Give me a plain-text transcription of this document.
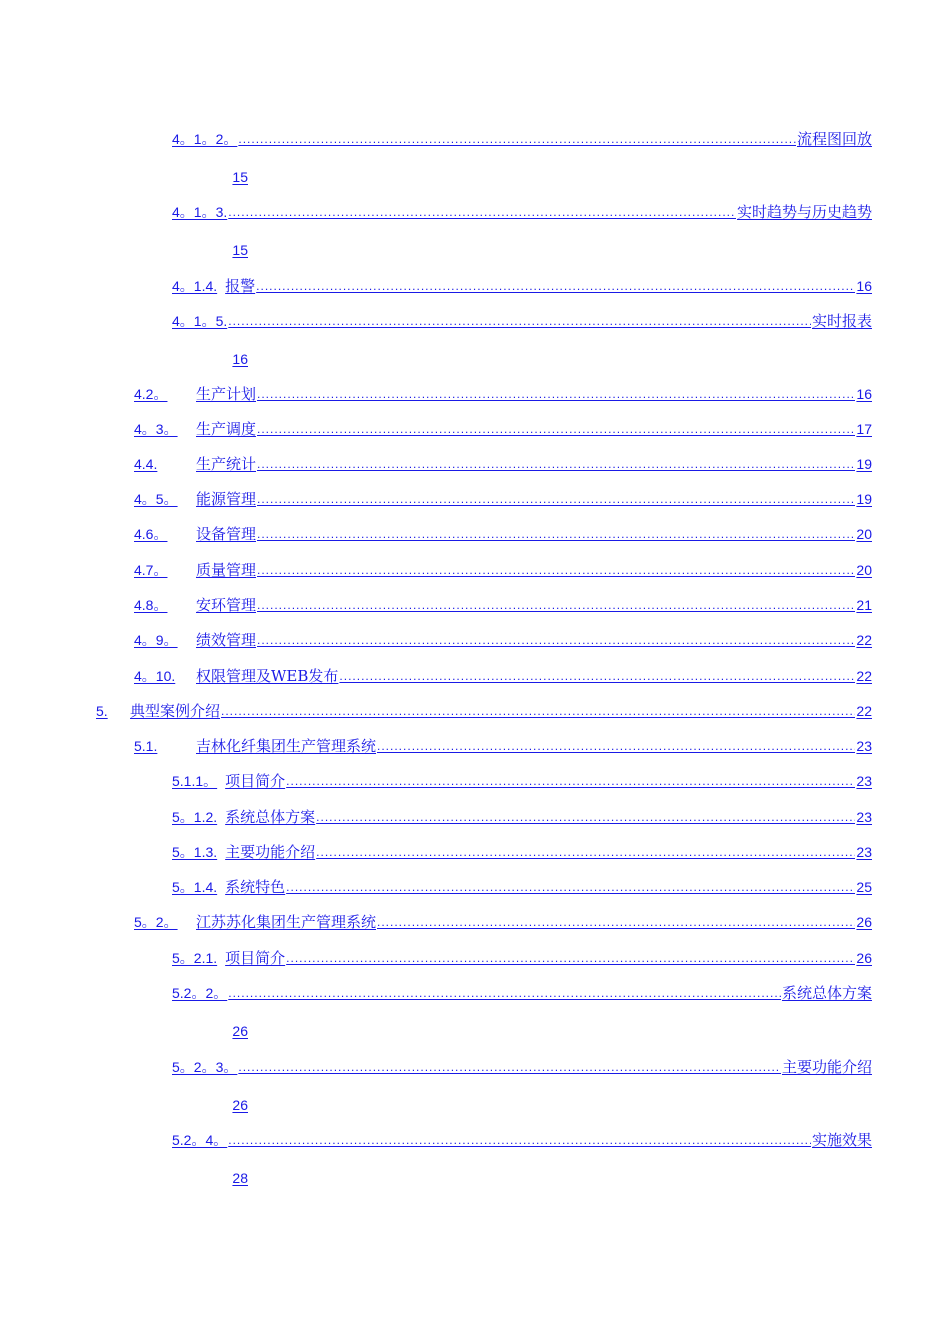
4。1。2。 .....	流程图回放
15
4。1。3. .....	实时趋势与历史趋势
15
4。1.4. 报警 .....	16
4。1。5. .....	实时报表
16
4.2。	生产计划 .....	16
4。3。	生产调度 .....	17
4.4.	生产统计 .....	19
4。5。	能源管理 .....	19
4.6。	设备管理 .....	20
4.7。	质量管理 .....	20
4.8。	安环管理 .....	21
4。9。	绩效管理 .....	22
4。10.	权限管理及WEB发布 .....	22
5.	典型案例介绍 .....	22
5.1.	吉林化纤集团生产管理系统 .....	23
5.1.1。 项目简介 .....	23
5。1.2. 系统总体方案 .....	23
5。1.3. 主要功能介绍 .....	23
5。1.4. 系统特色 .....	25
5。2。	江苏苏化集团生产管理系统 .....	26
5。2.1. 项目简介 .....	26
5.2。2。 .....	系统总体方案
26
5。2。3。 .....	主要功能介绍
26
5.2。4。 .....	实施效果
28
